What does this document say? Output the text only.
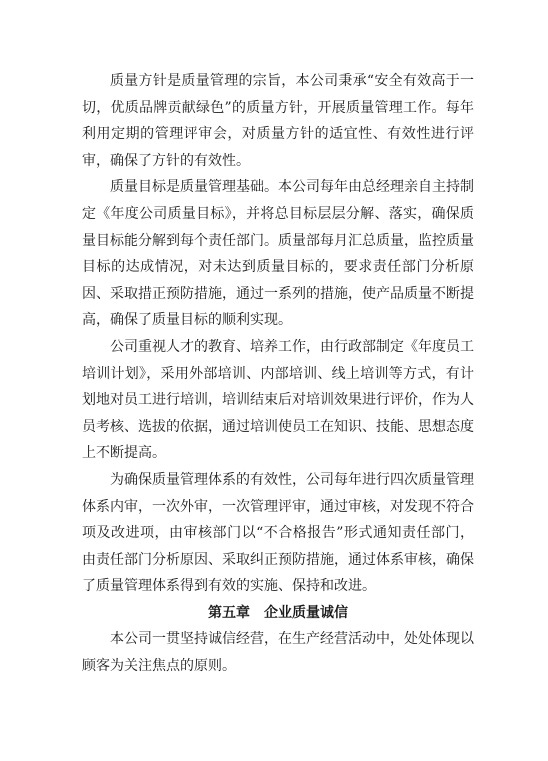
质量方针是质量管理的宗旨，本公司秉承“安全有效高于一切，优质品牌贡献绿色”的质量方针，开展质量管理工作。每年利用定期的管理评审会，对质量方针的适宜性、有效性进行评审，确保了方针的有效性。

质量目标是质量管理基础。本公司每年由总经理亲自主持制定《年度公司质量目标》，并将总目标层层分解、落实，确保质量目标能分解到每个责任部门。质量部每月汇总质量，监控质量目标的达成情况，对未达到质量目标的，要求责任部门分析原因、采取措正预防措施，通过一系列的措施，使产品质量不断提高，确保了质量目标的顺利实现。

公司重视人才的教育、培养工作，由行政部制定《年度员工培训计划》，采用外部培训、内部培训、线上培训等方式，有计划地对员工进行培训，培训结束后对培训效果进行评价，作为人员考核、选拔的依据，通过培训使员工在知识、技能、思想态度上不断提高。

为确保质量管理体系的有效性，公司每年进行四次质量管理体系内审，一次外审，一次管理评审，通过审核，对发现不符合项及改进项，由审核部门以“不合格报告”形式通知责任部门，由责任部门分析原因、采取纠正预防措施，通过体系审核，确保了质量管理体系得到有效的实施、保持和改进。

第五章　企业质量诚信

本公司一贯坚持诚信经营，在生产经营活动中，处处体现以顾客为关注焦点的原则。
